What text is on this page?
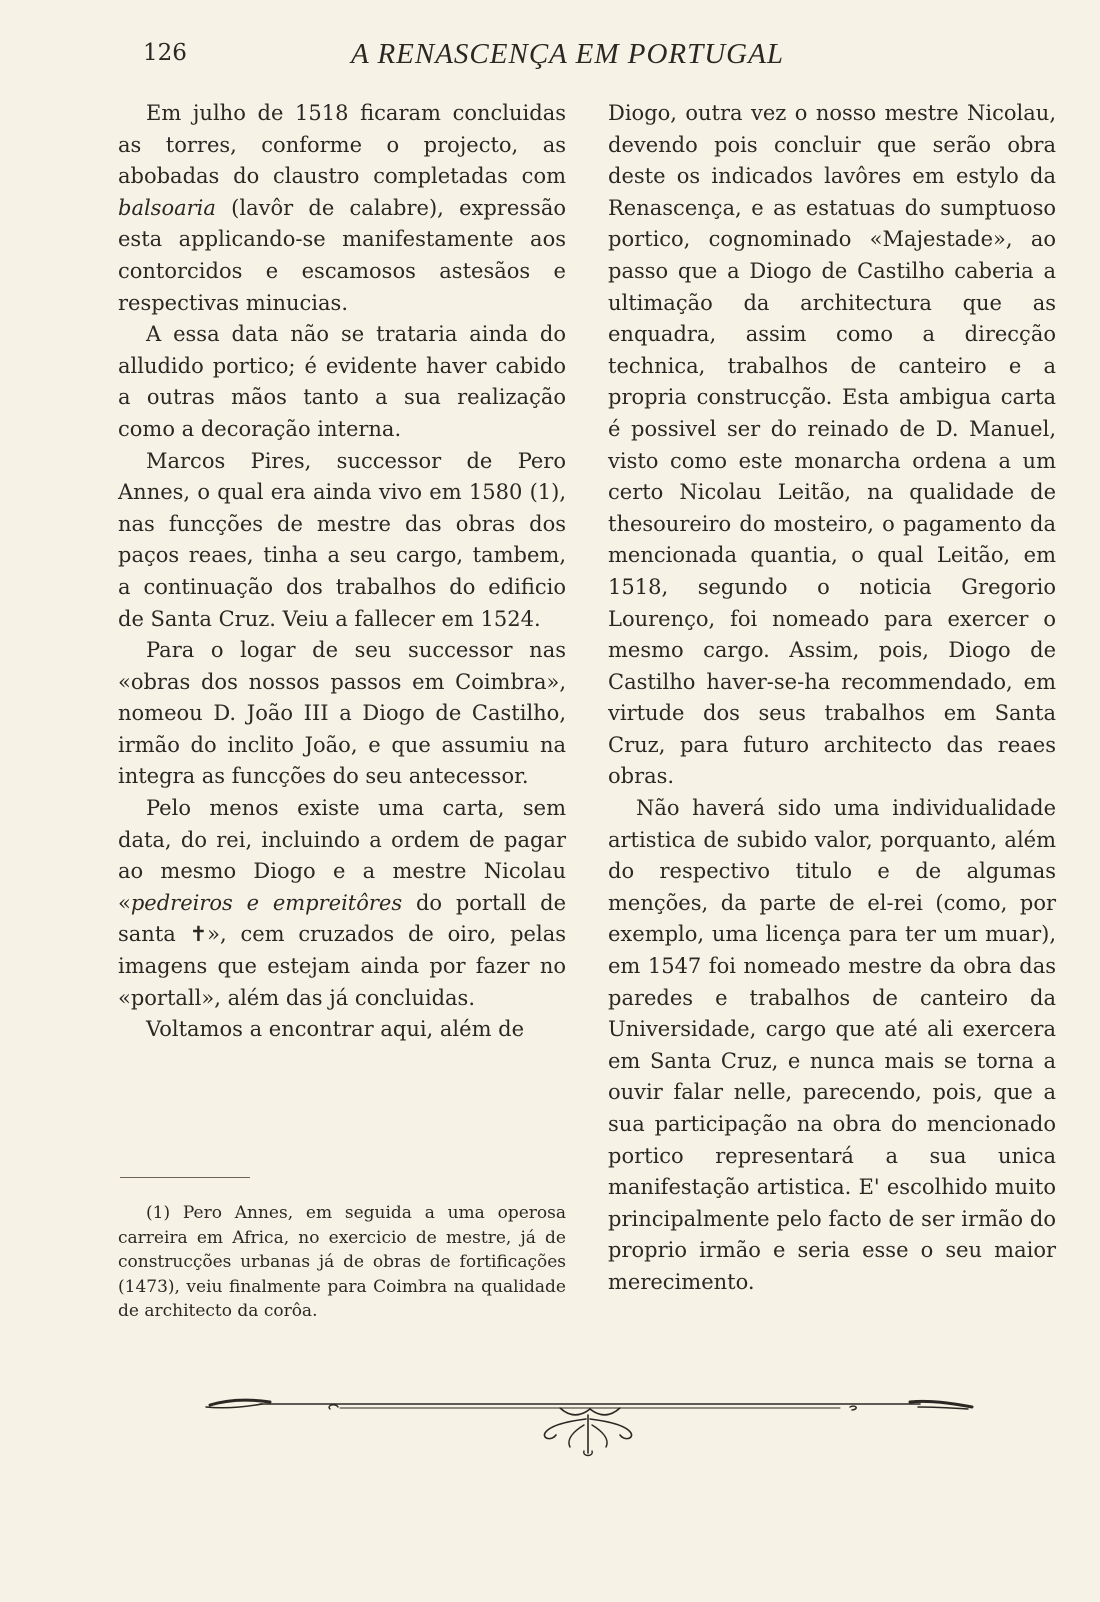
126	A RENASCENÇA EM PORTUGAL

Em julho de 1518 ficaram concluidas as torres, conforme o projecto, as abobadas do claustro completadas com balsoaria (lavôr de calabre), expressão esta applicando-se manifestamente aos contorcidos e escamosos astesãos e respectivas minucias.

A essa data não se trataria ainda do alludido portico; é evidente haver cabido a outras mãos tanto a sua realização como a decoração interna.

Marcos Pires, successor de Pero Annes, o qual era ainda vivo em 1580 (1), nas funcções de mestre das obras dos paços reaes, tinha a seu cargo, tambem, a continuação dos trabalhos do edificio de Santa Cruz. Veiu a fallecer em 1524.

Para o logar de seu successor nas «obras dos nossos passos em Coimbra», nomeou D. João III a Diogo de Castilho, irmão do inclito João, e que assumiu na integra as funcções do seu antecessor.

Pelo menos existe uma carta, sem data, do rei, incluindo a ordem de pagar ao mesmo Diogo e a mestre Nicolau «pedreiros e empreitôres do portall de santa ✝», cem cruzados de oiro, pelas imagens que estejam ainda por fazer no «portall», além das já concluidas.

Voltamos a encontrar aqui, além de

Diogo, outra vez o nosso mestre Nicolau, devendo pois concluir que serão obra deste os indicados lavôres em estylo da Renascença, e as estatuas do sumptuoso portico, cognominado «Majestade», ao passo que a Diogo de Castilho caberia a ultimação da architectura que as enquadra, assim como a direcção technica, trabalhos de canteiro e a propria construcção. Esta ambigua carta é possivel ser do reinado de D. Manuel, visto como este monarcha ordena a um certo Nicolau Leitão, na qualidade de thesoureiro do mosteiro, o pagamento da mencionada quantia, o qual Leitão, em 1518, segundo o noticia Gregorio Lourenço, foi nomeado para exercer o mesmo cargo. Assim, pois, Diogo de Castilho haver-se-ha recommendado, em virtude dos seus trabalhos em Santa Cruz, para futuro architecto das reaes obras.

Não haverá sido uma individualidade artistica de subido valor, porquanto, além do respectivo titulo e de algumas menções, da parte de el-rei (como, por exemplo, uma licença para ter um muar), em 1547 foi nomeado mestre da obra das paredes e trabalhos de canteiro da Universidade, cargo que até ali exercera em Santa Cruz, e nunca mais se torna a ouvir falar nelle, parecendo, pois, que a sua participação na obra do mencionado portico representará a sua unica manifestação artistica. E' escolhido muito principalmente pelo facto de ser irmão do proprio irmão e seria esse o seu maior merecimento.

(1) Pero Annes, em seguida a uma operosa carreira em Africa, no exercicio de mestre, já de construcções urbanas já de obras de fortificações (1473), veiu finalmente para Coimbra na qualidade de architecto da corôa.
